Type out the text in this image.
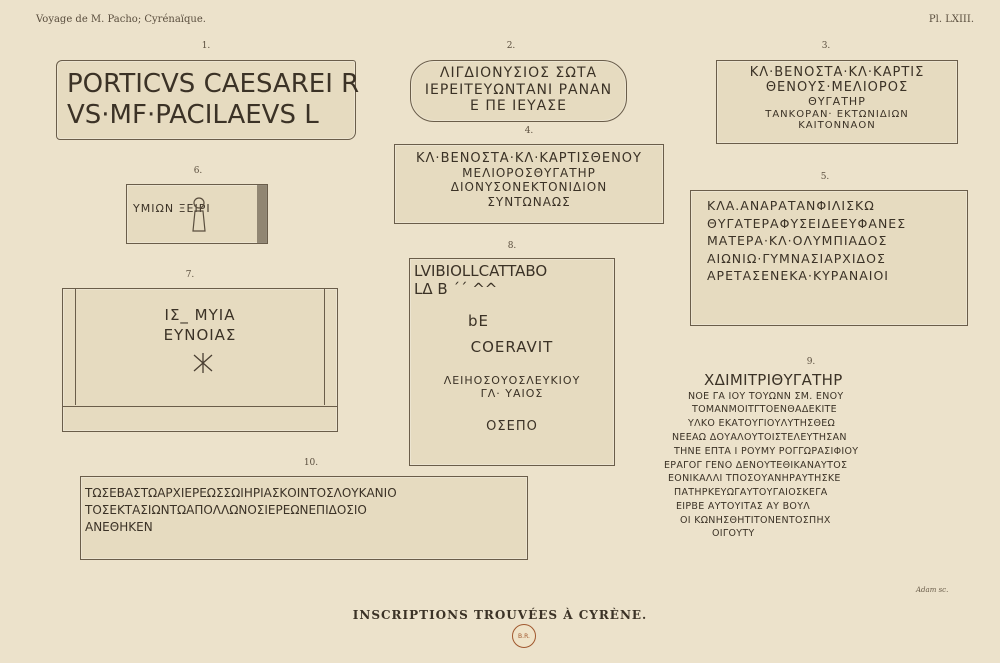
Voyage de M. Pacho; Cyrénaïque.	Pl. LXIII.
1.
PORTICVS CAESAREI R
VS·MF·PACILAEVS L
2.
ΛΙΓΔΙΟΝΥΣΙΟΣ ΣΩΤΑ
ΙΕΡΕΙΤΕΥΩΝΤΑΝΙ ΡΑΝΑΝ
Ε ΠΕ ΙΕΥΑΣΕ
3.
ΚΛ·ΒΕΝΟΣΤΑ·ΚΛ·ΚΑΡΤΙΣ
ΘΕΝΟΥΣ·ΜΕΛΙΟΡΟΣ
ΘΥΓΑΤΗΡ
ΤΑΝΚΟΡΑΝ· ΕΚΤΩΝΙΔΙΩΝ
ΚΑΙΤΟΝΝΑΟΝ
4.
ΚΛ·ΒΕΝΟΣΤΑ·ΚΛ·ΚΑΡΤΙΣΘΕΝΟΥ
ΜΕΛΙΟΡΟΣΘΥΓΑΤΗΡ
ΔΙΟΝΥΣΟΝΕΚΤΟΝΙΔΙΟΝ
ΣΥΝΤΩΝΑΩΣ
5.
ΚΛΑ.ΑΝΑΡΑΤΑΝΦΙΛΙΣΚΩ
ΘΥΓΑΤΕΡΑΦΥΣΕΙΔΕΕΥΦΑΝΕΣ
ΜΑΤΕΡΑ·ΚΛ·ΟΛΥΜΠΙΑΔΟΣ
ΑΙΩΝΙΩ·ΓΥΜΝΑΣΙΑΡΧΙΔΟΣ
ΑΡΕΤΑΣΕΝΕΚΑ·ΚΥΡΑΝΑΙΟΙ
6.
ΥΜΙΩΝ ΞΕΙΡΙ
7.
ΙΣ_ ΜΥΙΑ
ΕΥΝΟΙΑΣ
8.
LVIBIOLLCATTABO
LΔ Β ΄΄ ^^
bE
COERAVIT
ΛΕΙΗΟΣΟΥΟΣΛΕΥΚΙΟΥ
ΓΛ· ΥΑΙΟΣ
ΟΣΕΠΟ
9.
ΧΔΙΜΙΤΡΙΘΥΓΑΤΗΡ
ΝΟΕ ΓΑ ΙΟΥ ΤΟΥΩΝΝ ΣΜ. ΕΝΟΥ
ΤΟΜΑΝΜΟΙΤΓΤΟΕΝΘΑΔΕΚΙΤΕ
ΥΛΚΟ ΕΚΑΤΟΥΓΙΟΥΛΥΤΗΣΘΕΩ
ΝΕΕΑΩ ΔΟΥΑΛΟΥΤΟΙΣΤΕΛΕΥΤΗΣΑΝ
ΤΗΝΕ ΕΠΤΑ Ι ΡΟΥΜΥ ΡΟΓΓΩΡΑΣΙΦΙΟΥ
ΕΡΑΓΟΓ ΓΕΝΟ ΔΕΝΟΥΤΕΘΙΚΑΝΑΥΤΟΣ
ΕΟΝΙΚΑΛΛΙ ΤΠΟΣΟΥΑΝΗΡΑΥΤΗΣΚΕ
ΠΑΤΗΡΚΕΥΩΓΑΥΤΟΥΓΑΙΟΣΚΕΓΑ
ΕΙΡΒΕ ΑΥΤΟΥΙΤΑΣ ΑΥ ΒΟΥΛ
ΟΙ ΚΩΝΗΣΘΗΤΙΤΟΝΕΝΤΟΣΠΗΧ
ΟΙΓΟΥΤΥ
10.
ΤΩΣΕΒΑΣΤΩΑΡΧΙΕΡΕΩΣΣΩΙΗΡΙΑΣΚΟΙΝΤΟΣΛΟΥΚΑΝΙΟ
ΤΟΣΕΚΤΑΣΙΩΝΤΩΑΠΟΛΛΩΝΟΣΙΕΡΕΩΝΕΠΙΔΟΣΙΟ
ΑΝΕΘΗΚΕΝ
Adam sc.
INSCRIPTIONS TROUVÉES À CYRÈNE.
B.R.
